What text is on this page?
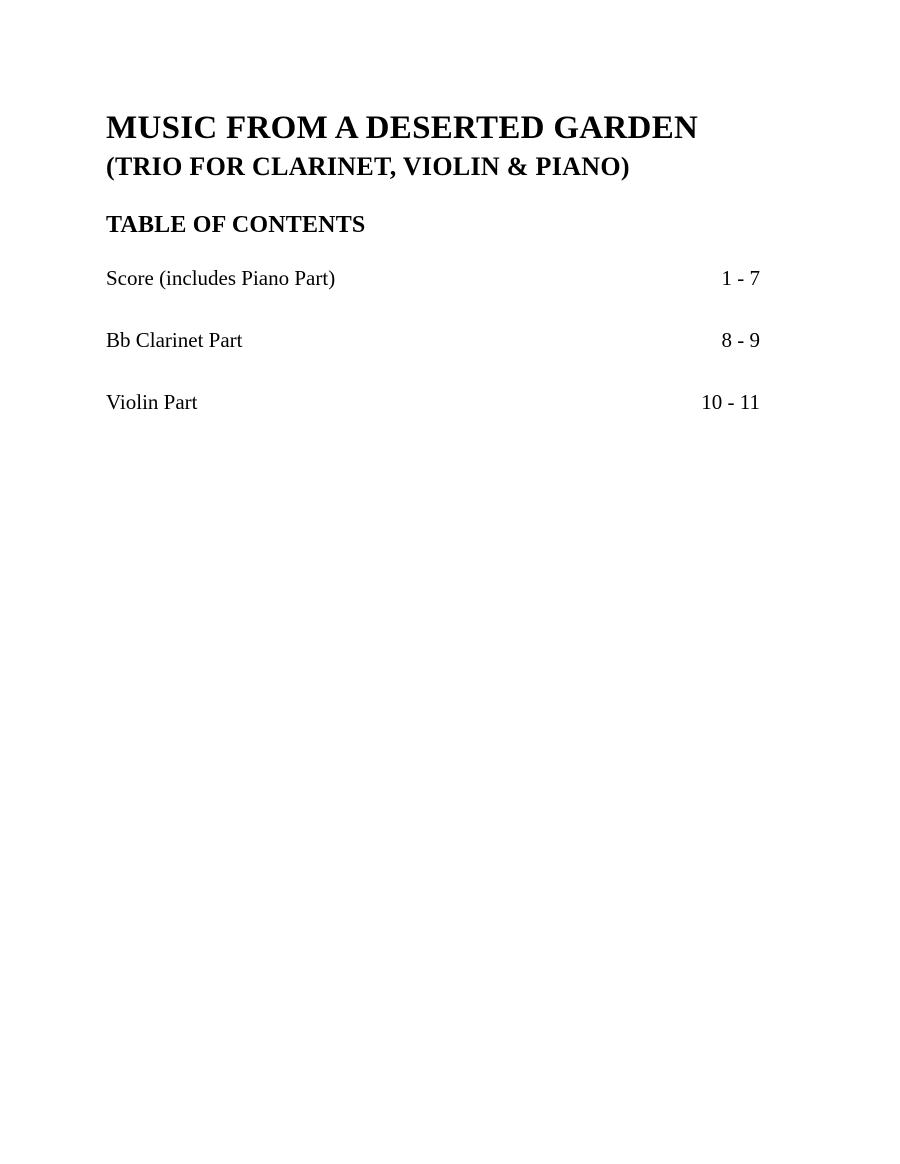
MUSIC FROM A DESERTED GARDEN
(TRIO FOR CLARINET, VIOLIN & PIANO)
TABLE OF CONTENTS
Score (includes Piano Part)	1 - 7
Bb Clarinet Part	8 - 9
Violin Part	10 - 11
